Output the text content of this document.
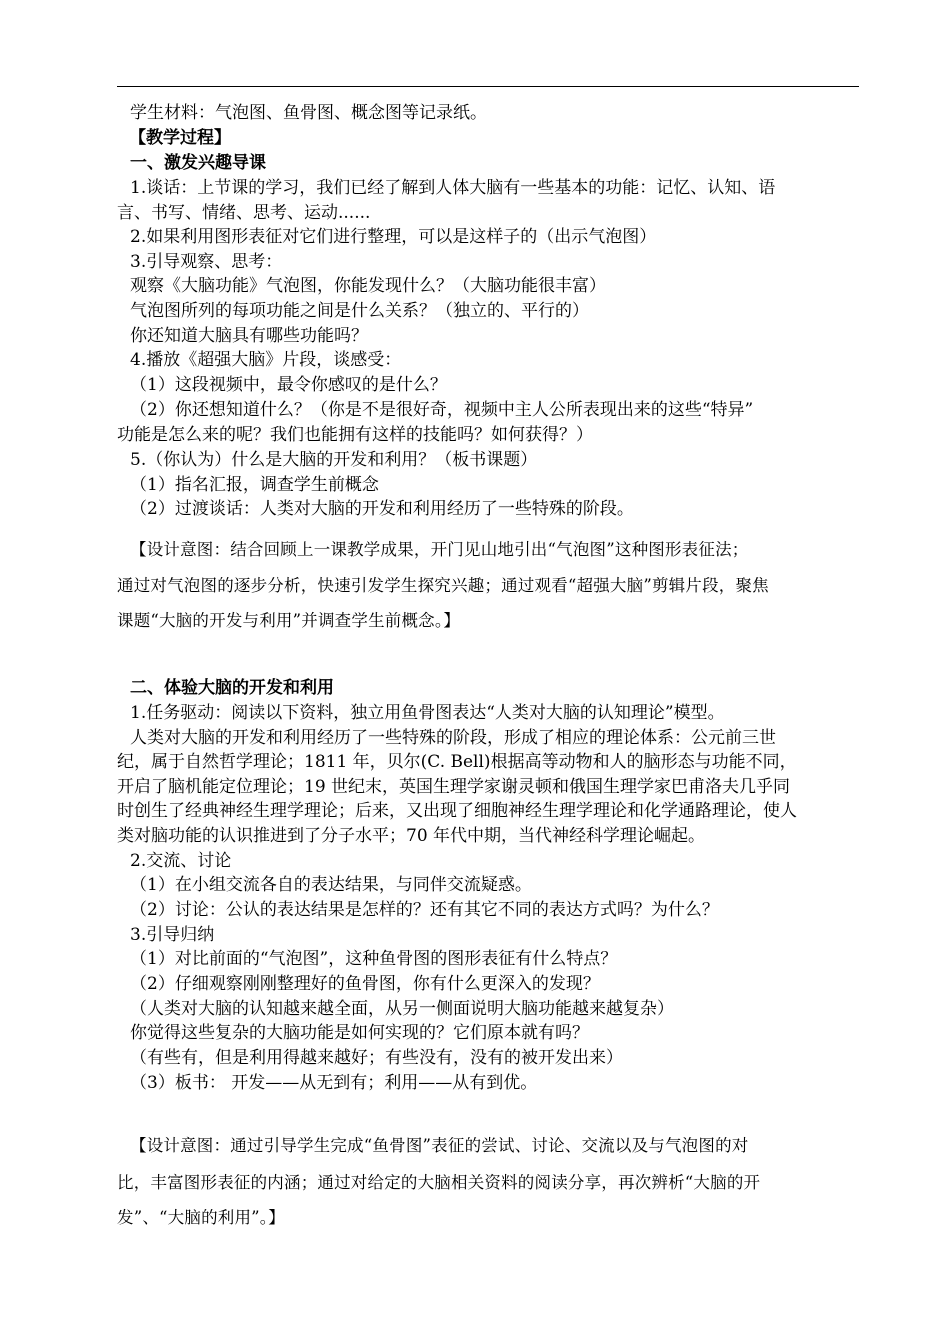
学生材料：气泡图、鱼骨图、概念图等记录纸。
【教学过程】
一、激发兴趣导课
1.谈话：上节课的学习，我们已经了解到人体大脑有一些基本的功能：记忆、认知、语
言、书写、情绪、思考、运动......
2.如果利用图形表征对它们进行整理，可以是这样子的（出示气泡图）
3.引导观察、思考：
观察《大脑功能》气泡图，你能发现什么？（大脑功能很丰富）
气泡图所列的每项功能之间是什么关系？（独立的、平行的）
你还知道大脑具有哪些功能吗？
4.播放《超强大脑》片段，谈感受：
（1）这段视频中，最令你感叹的是什么？
（2）你还想知道什么？（你是不是很好奇，视频中主人公所表现出来的这些“特异”
功能是怎么来的呢？我们也能拥有这样的技能吗？如何获得？）
5.（你认为）什么是大脑的开发和利用？（板书课题）
（1）指名汇报，调查学生前概念
（2）过渡谈话：人类对大脑的开发和利用经历了一些特殊的阶段。
【设计意图：结合回顾上一课教学成果，开门见山地引出“气泡图”这种图形表征法；
通过对气泡图的逐步分析，快速引发学生探究兴趣；通过观看“超强大脑”剪辑片段，聚焦
课题“大脑的开发与利用”并调查学生前概念。】
二、体验大脑的开发和利用
1.任务驱动：阅读以下资料，独立用鱼骨图表达“人类对大脑的认知理论”模型。
人类对大脑的开发和利用经历了一些特殊的阶段，形成了相应的理论体系：公元前三世
纪，属于自然哲学理论；1811 年，贝尔(C. Bell)根据高等动物和人的脑形态与功能不同，
开启了脑机能定位理论；19 世纪末，英国生理学家谢灵顿和俄国生理学家巴甫洛夫几乎同
时创生了经典神经生理学理论；后来，又出现了细胞神经生理学理论和化学通路理论，使人
类对脑功能的认识推进到了分子水平；70 年代中期，当代神经科学理论崛起。
2.交流、讨论
（1）在小组交流各自的表达结果，与同伴交流疑惑。
（2）讨论：公认的表达结果是怎样的？还有其它不同的表达方式吗？为什么？
3.引导归纳
（1）对比前面的“气泡图”，这种鱼骨图的图形表征有什么特点？
（2）仔细观察刚刚整理好的鱼骨图，你有什么更深入的发现？
（人类对大脑的认知越来越全面，从另一侧面说明大脑功能越来越复杂）
你觉得这些复杂的大脑功能是如何实现的？它们原本就有吗？
（有些有，但是利用得越来越好；有些没有，没有的被开发出来）
（3）板书： 开发——从无到有；利用——从有到优。
【设计意图：通过引导学生完成“鱼骨图”表征的尝试、讨论、交流以及与气泡图的对
比，丰富图形表征的内涵；通过对给定的大脑相关资料的阅读分享，再次辨析“大脑的开
发”、“大脑的利用”。】
